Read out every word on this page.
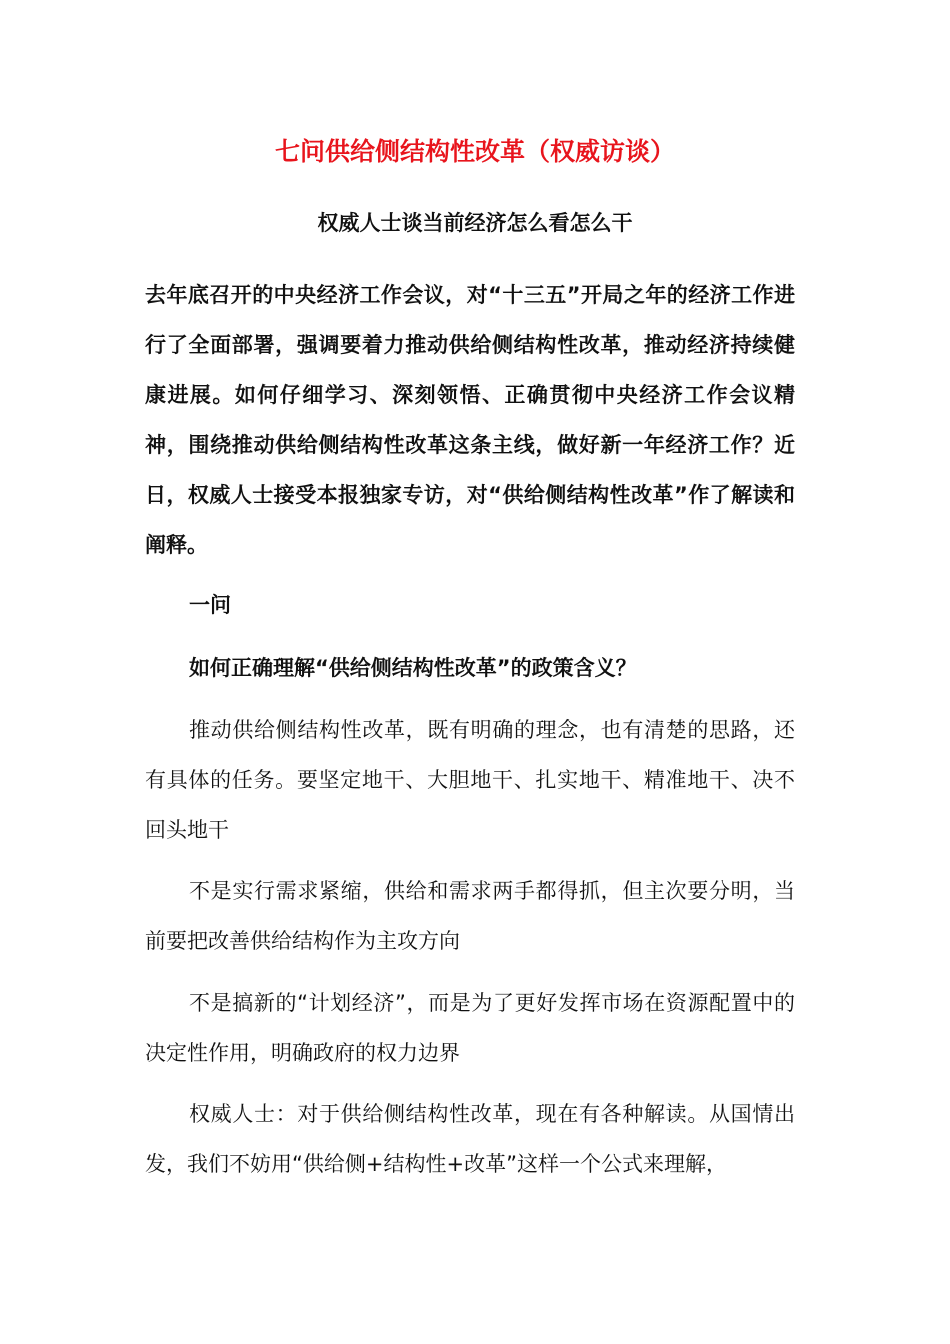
七问供给侧结构性改革（权威访谈）
权威人士谈当前经济怎么看怎么干

去年底召开的中央经济工作会议，对“十三五”开局之年的经济工作进行了全面部署，强调要着力推动供给侧结构性改革，推动经济持续健康进展。如何仔细学习、深刻领悟、正确贯彻中央经济工作会议精神，围绕推动供给侧结构性改革这条主线，做好新一年经济工作？近日，权威人士接受本报独家专访，对“供给侧结构性改革”作了解读和阐释。

一问

如何正确理解“供给侧结构性改革”的政策含义？

推动供给侧结构性改革，既有明确的理念，也有清楚的思路，还有具体的任务。要坚定地干、大胆地干、扎实地干、精准地干、决不回头地干

不是实行需求紧缩，供给和需求两手都得抓，但主次要分明，当前要把改善供给结构作为主攻方向

不是搞新的“计划经济”，而是为了更好发挥市场在资源配置中的决定性作用，明确政府的权力边界

权威人士：对于供给侧结构性改革，现在有各种解读。从国情出发，我们不妨用“供给侧+结构性+改革”这样一个公式来理解，
